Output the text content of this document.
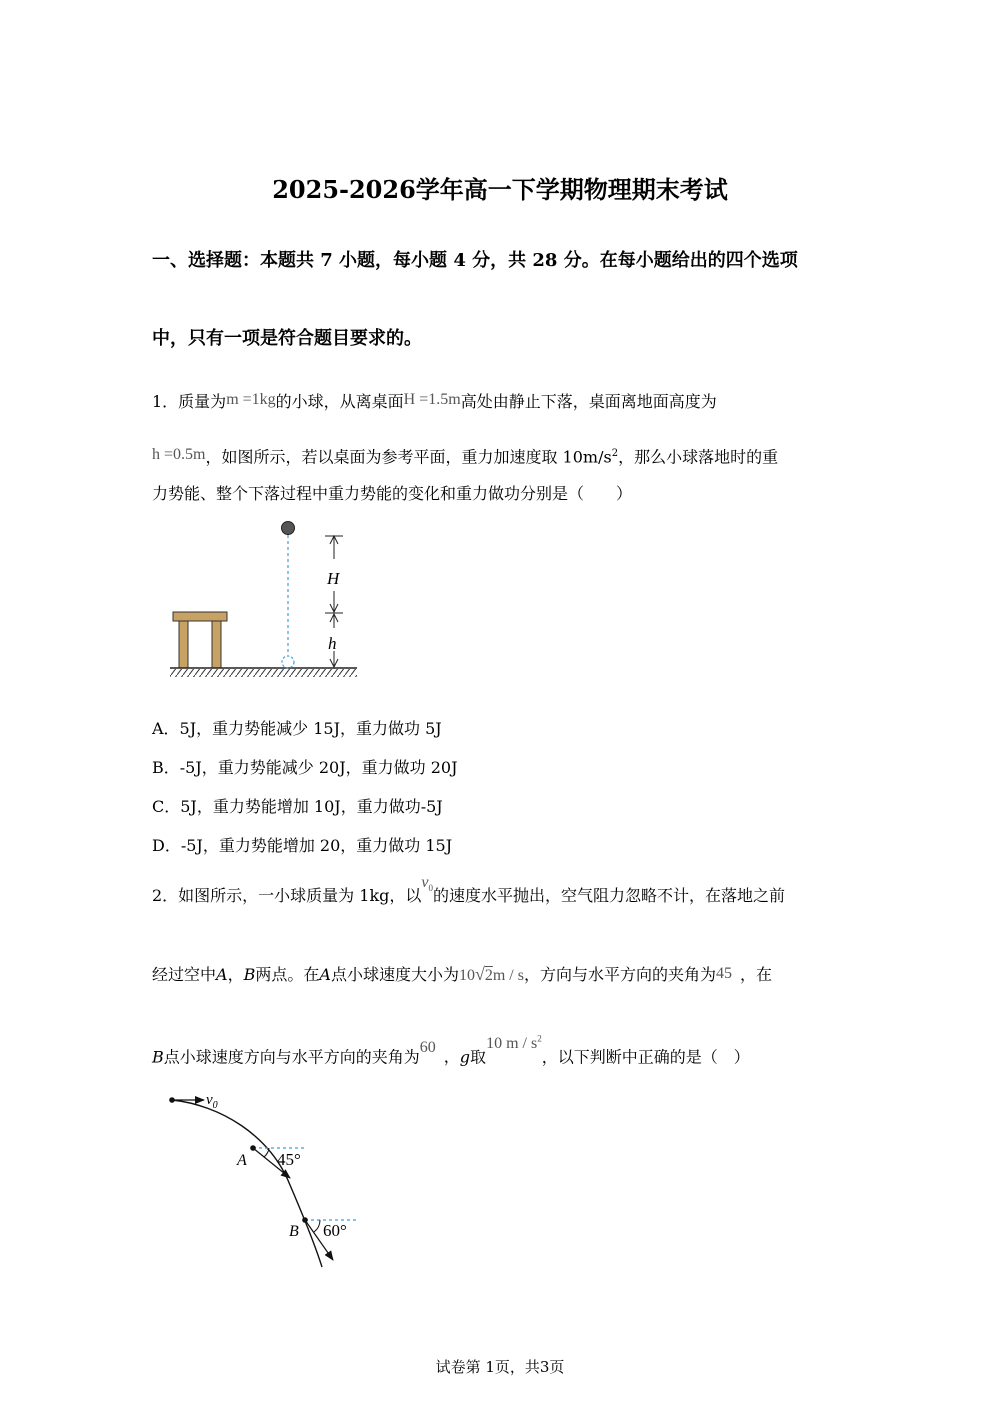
2025-2026学年高一下学期物理期末考试
一、选择题：本题共 7 小题，每小题 4 分，共 28 分。在每小题给出的四个选项
中，只有一项是符合题目要求的。
1．质量为m =1kg的小球，从离桌面H =1.5m高处由静止下落，桌面离地面高度为
h =0.5m，如图所示，若以桌面为参考平面，重力加速度取 $10m/s^2$，那么小球落地时的重
力势能、整个下落过程中重力势能的变化和重力做功分别是（　　）
H
h
A．5J，重力势能减少 15J，重力做功 5J
B．-5J，重力势能减少 20J，重力做功 20J
C．5J，重力势能增加 10J，重力做功-5J
D．-5J，重力势能增加 20，重力做功 15J
2．如图所示，一小球质量为 1kg，以$v_0$的速度水平抛出，空气阻力忽略不计，在落地之前
经过空中A，B两点。在A点小球速度大小为10√2m / s，方向与水平方向的夹角为45 ，在
B点小球速度方向与水平方向的夹角为60 ，g取10 m / $s^2$，以下判断中正确的是（　）
$v_0$
A 45°
B 60°
试卷第 1页，共3页
